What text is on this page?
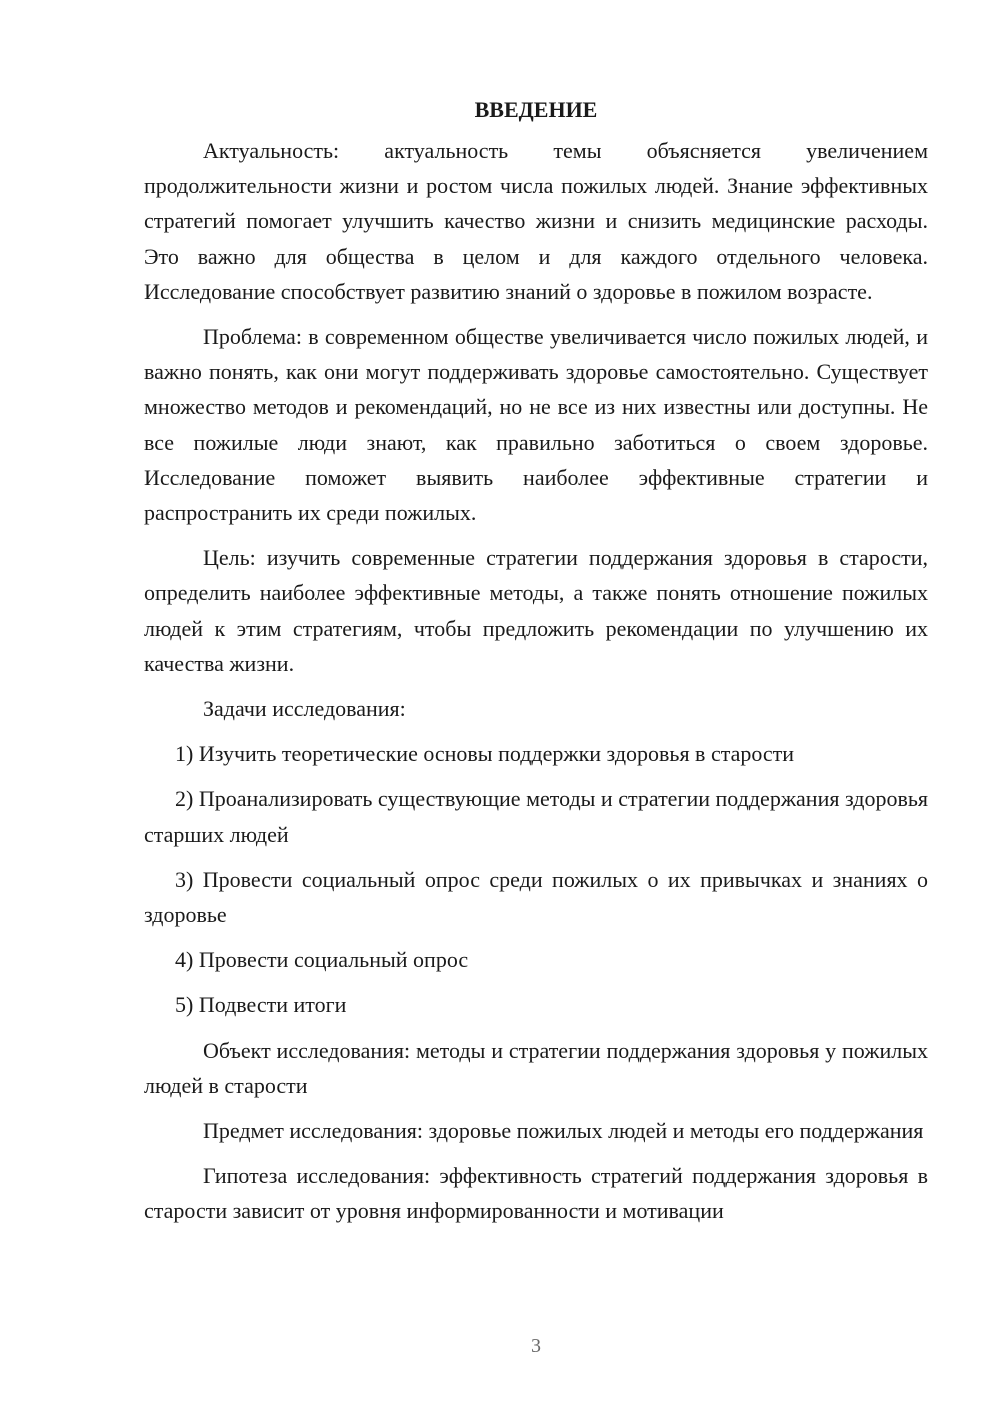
ВВЕДЕНИЕ

Актуальность: актуальность темы объясняется увеличением продолжительности жизни и ростом числа пожилых людей. Знание эффективных стратегий помогает улучшить качество жизни и снизить медицинские расходы. Это важно для общества в целом и для каждого отдельного человека. Исследование способствует развитию знаний о здоровье в пожилом возрасте.

Проблема: в современном обществе увеличивается число пожилых людей, и важно понять, как они могут поддерживать здоровье самостоятельно. Существует множество методов и рекомендаций, но не все из них известны или доступны. Не все пожилые люди знают, как правильно заботиться о своем здоровье. Исследование поможет выявить наиболее эффективные стратегии и распространить их среди пожилых.

Цель: изучить современные стратегии поддержания здоровья в старости, определить наиболее эффективные методы, а также понять отношение пожилых людей к этим стратегиям, чтобы предложить рекомендации по улучшению их качества жизни.

Задачи исследования:

1) Изучить теоретические основы поддержки здоровья в старости

2) Проанализировать существующие методы и стратегии поддержания здоровья старших людей

3) Провести социальный опрос среди пожилых о их привычках и знаниях о здоровье

4) Провести социальный опрос

5) Подвести итоги

Объект исследования: методы и стратегии поддержания здоровья у пожилых людей в старости

Предмет исследования: здоровье пожилых людей и методы его поддержания

Гипотеза исследования: эффективность стратегий поддержания здоровья в старости зависит от уровня информированности и мотивации

3
